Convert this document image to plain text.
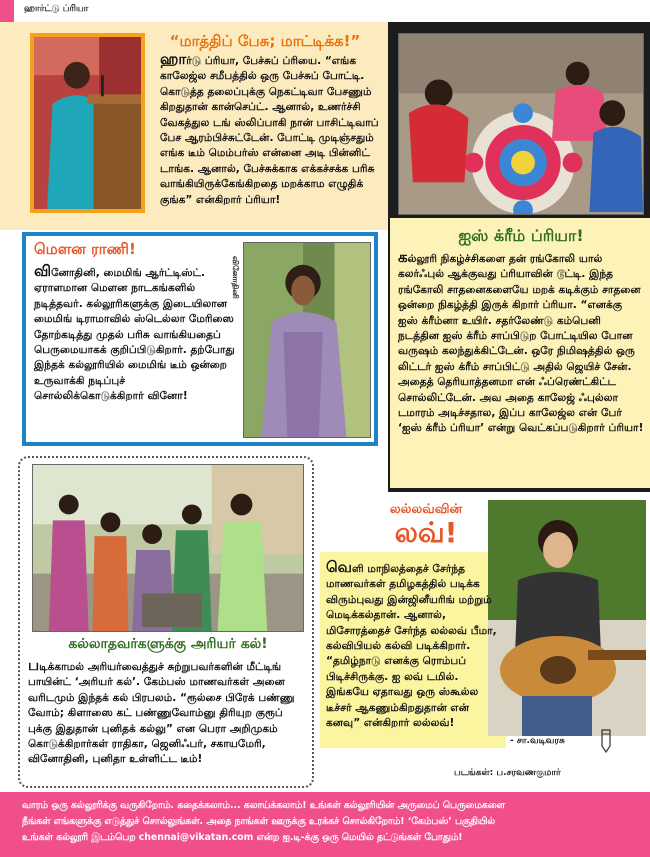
ஹார்ட்டு ப்ரியா
“மாத்திப் பேசு; மாட்டிக்க!”
ஹார்டு ப்ரியா, பேச்சுப் ப்ரியை. “எங்க காலேஜ்ல சமீபத்தில் ஒரு பேச்சுப் போட்டி. கொடுத்த தலைப்புக்கு நெகட்டிவா பேசணும் கிறதுதான் கான்செப்ட். ஆனால், உணர்ச்சி வேகத்துல டங் ஸ்லிப்பாகி நான் பாசிட்டிவாப் பேச ஆரம்பிச்சுட்டேன். போட்டி முடிஞ்சதும் எங்க டீம் மெம்பர்ஸ் என்னை அடி பின்னிட் டாங்க. ஆனால், பேச்சுக்காக எக்கச்சக்க பரிசு வாங்கியிருக்கேங்கிறதை மறக்காம எழுதிக் குங்க” என்கிறார் ப்ரியா!
ஐஸ் க்ரீம் ப்ரியா!
கல்லூரி நிகழ்ச்சிகளை தன் ரங்கோலி யால் கலர்ஃபுல் ஆக்குவது ப்ரியாவின் டூட்டி. இந்த ரங்கோலி சாதனைகளையே மறக் கடிக்கும் சாதனை ஒன்றை நிகழ்த்தி இருக் கிறார் ப்ரியா. “எனக்கு ஐஸ் க்ரீம்னா உயிர். சதர்லேண்டு கம்பெனி நடத்தின ஐஸ் க்ரீம் சாப்பிடுற போட்டியில போன வருஷம் கலந்துக்கிட்டேன். ஒரே நிமிஷத்தில் ஒரு லிட்டர் ஐஸ் க்ரீம் சாப்பிட்டு அதில் ஜெயிச் சேன். அதைத் தெரியாத்தனமா என் ஃப்ரெண்ட்கிட்ட சொல்லிட்டேன். அவ அதை காலேஜ் ஃபுல்லா டமாரம் அடிச்சதால, இப்ப காலேஜ்ல என் பேர் ‘ஐஸ் க்ரீம் ப்ரியா’ என்று வெட்கப்படுகிறார் ப்ரியா!
மௌன ராணி!
வினோதினி
வினோதினி, மைமிங் ஆர்ட்டிஸ்ட். ஏராளமான மௌன நாடகங்களில் நடித்தவர். கல்லூரிகளுக்கு இடையிலான மைமிங் டிராமாவில் ஸ்டெல்லா மேரிஸை தோற்கடித்து முதல் பரிசு வாங்கியதைப் பெருமையாகக் குறிப்பிடுகிறார். தற்போது இந்தக் கல்லூரியில் மைமிங் டீம் ஒன்றை உருவாக்கி நடிப்புச் சொல்லிக்கொடுக்கிறார் வினோ!
கல்லாதவர்களுக்கு அரியர் கல்!
படிக்காமல் அரியர்வைத்துச் சுற்றுபவர்களின் மீட்டிங் பாயின்ட் ‘அரியர் கல்’. கேம்பஸ் மாணவர்கள் அனை வரிடமும் இந்தக் கல் பிரபலம். “ரூல்சை பிரேக் பண்ணு வோம்; கிளாஸை கட் பண்ணுவோம்னு திரியுற குரூப் புக்கு இதுதான் புனிதக் கல்லு” என பெரா அறிமுகம் கொடுக்கிறார்கள் ராதிகா, ஜெனிஃபர், சகாயமேரி, வினோதினி, புனிதா உள்ளிட்ட டீம்!
லல்லவ்வின்
லவ்!
வெளி மாநிலத்தைச் சேர்ந்த மாணவர்கள் தமிழகத்தில் படிக்க விரும்புவது இன்ஜினீயரிங் மற்றும் மெடிக்கல்தான். ஆனால், மிசோரத்தைச் சேர்ந்த லல்லவ் பீமா, கல்விபியல் கல்வி படிக்கிறார். “தமிழ்நாடு எனக்கு ரொம்பப் பிடிச்சிருக்கு. ஐ லவ் டமில். இங்கயே ஏதாவது ஒரு ஸ்கூல்ல டீச்சர் ஆகணும்கிறதுதான் என் கனவு” என்கிறார் லல்லவ்!
- சா.வடிவரசு
படங்கள்: ப.சரவணகுமார்
வாரம் ஒரு கல்லூரிக்கு வருகிறோம். கதைக்கலாம்... கலாய்க்கலாம்! உங்கள் கல்லூரியின் அருமைப் பெருமைகளை
நீங்கள் எங்களுக்கு எடுத்துச் சொல்லுங்கள். அதை நாங்கள் ஊருக்கு உரக்கச் சொல்கிறோம்! ‘கேம்பஸ்’ பகுதியில்
உங்கள் கல்லூரி இடம்பெற chennai@vikatan.com என்ற ஐ.டி-க்கு ஒரு மெயில் தட்டுங்கள் போதும்!
